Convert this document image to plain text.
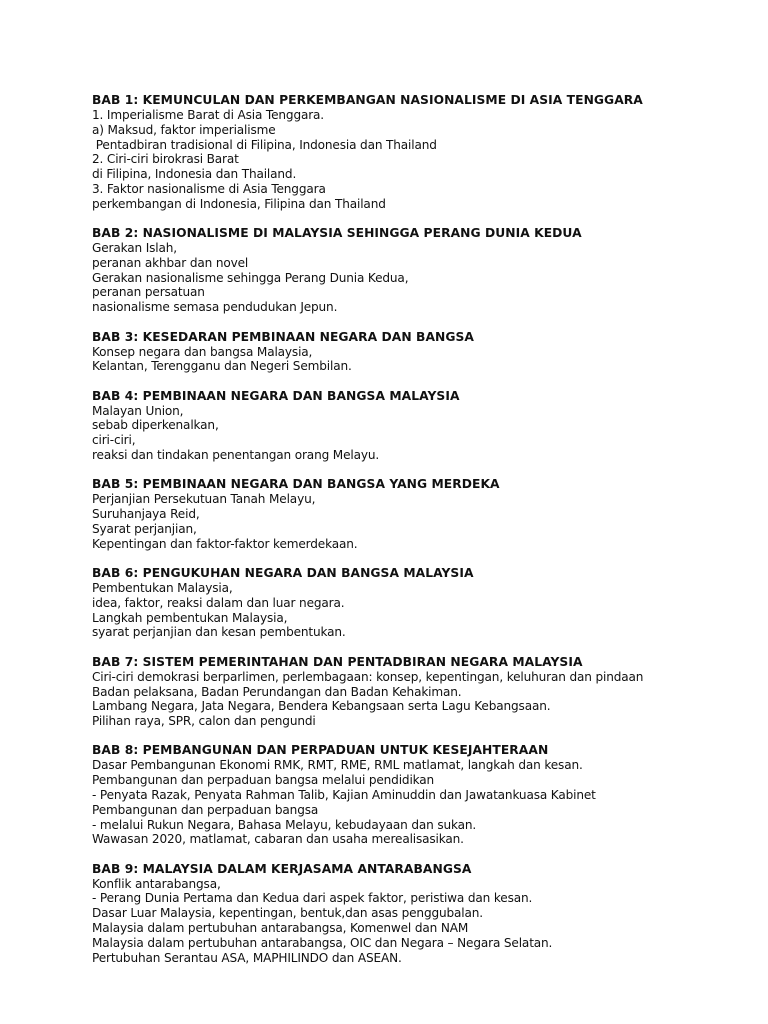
BAB 1: KEMUNCULAN DAN PERKEMBANGAN NASIONALISME DI ASIA TENGGARA
1. Imperialisme Barat di Asia Tenggara.
a) Maksud, faktor imperialisme
Pentadbiran tradisional di Filipina, Indonesia dan Thailand
2. Ciri-ciri birokrasi Barat
di Filipina, Indonesia dan Thailand.
3. Faktor nasionalisme di Asia Tenggara
perkembangan di Indonesia, Filipina dan Thailand
BAB 2: NASIONALISME DI MALAYSIA SEHINGGA PERANG DUNIA KEDUA
Gerakan Islah,
peranan akhbar dan novel
Gerakan nasionalisme sehingga Perang Dunia Kedua,
peranan persatuan
nasionalisme semasa pendudukan Jepun.
BAB 3: KESEDARAN PEMBINAAN NEGARA DAN BANGSA
Konsep negara dan bangsa Malaysia,
Kelantan, Terengganu dan Negeri Sembilan.
BAB 4: PEMBINAAN NEGARA DAN BANGSA MALAYSIA
Malayan Union,
sebab diperkenalkan,
ciri-ciri,
reaksi dan tindakan penentangan orang Melayu.
BAB 5: PEMBINAAN NEGARA DAN BANGSA YANG MERDEKA
Perjanjian Persekutuan Tanah Melayu,
Suruhanjaya Reid,
Syarat perjanjian,
Kepentingan dan faktor-faktor kemerdekaan.
BAB 6: PENGUKUHAN NEGARA DAN BANGSA MALAYSIA
Pembentukan Malaysia,
idea, faktor, reaksi dalam dan luar negara.
Langkah pembentukan Malaysia,
syarat perjanjian dan kesan pembentukan.
BAB 7: SISTEM PEMERINTAHAN DAN PENTADBIRAN NEGARA MALAYSIA
Ciri-ciri demokrasi berparlimen, perlembagaan: konsep, kepentingan, keluhuran dan pindaan
Badan pelaksana, Badan Perundangan dan Badan Kehakiman.
Lambang Negara, Jata Negara, Bendera Kebangsaan serta Lagu Kebangsaan.
Pilihan raya, SPR, calon dan pengundi
BAB 8: PEMBANGUNAN DAN PERPADUAN UNTUK KESEJAHTERAAN
Dasar Pembangunan Ekonomi RMK, RMT, RME, RML matlamat, langkah dan kesan.
Pembangunan dan perpaduan bangsa melalui pendidikan
- Penyata Razak, Penyata Rahman Talib, Kajian Aminuddin dan Jawatankuasa Kabinet
Pembangunan dan perpaduan bangsa
- melalui Rukun Negara, Bahasa Melayu, kebudayaan dan sukan.
Wawasan 2020, matlamat, cabaran dan usaha merealisasikan.
BAB 9: MALAYSIA DALAM KERJASAMA ANTARABANGSA
Konflik antarabangsa,
- Perang Dunia Pertama dan Kedua dari aspek faktor, peristiwa dan kesan.
Dasar Luar Malaysia, kepentingan, bentuk,dan asas penggubalan.
Malaysia dalam pertubuhan antarabangsa, Komenwel dan NAM
Malaysia dalam pertubuhan antarabangsa, OIC dan Negara – Negara Selatan.
Pertubuhan Serantau ASA, MAPHILINDO dan ASEAN.
